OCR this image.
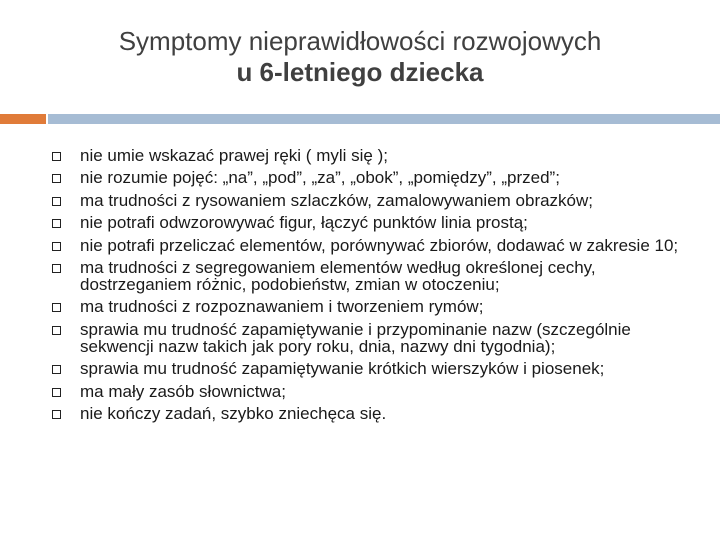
Symptomy nieprawidłowości rozwojowych
u 6-letniego dziecka
nie umie wskazać prawej ręki ( myli się );
nie rozumie pojęć: „na”, „pod”, „za”, „obok”, „pomiędzy”, „przed”;
ma trudności z rysowaniem szlaczków, zamalowywaniem obrazków;
nie potrafi odwzorowywać figur, łączyć punktów linia prostą;
nie potrafi przeliczać elementów, porównywać zbiorów, dodawać w zakresie 10;
ma trudności z segregowaniem elementów według określonej cechy, dostrzeganiem różnic, podobieństw, zmian w otoczeniu;
ma trudności z rozpoznawaniem i tworzeniem rymów;
sprawia mu trudność zapamiętywanie i przypominanie nazw (szczególnie sekwencji nazw takich jak pory roku, dnia, nazwy dni tygodnia);
sprawia mu trudność zapamiętywanie krótkich wierszyków i piosenek;
ma mały zasób słownictwa;
nie kończy zadań, szybko zniechęca się.
